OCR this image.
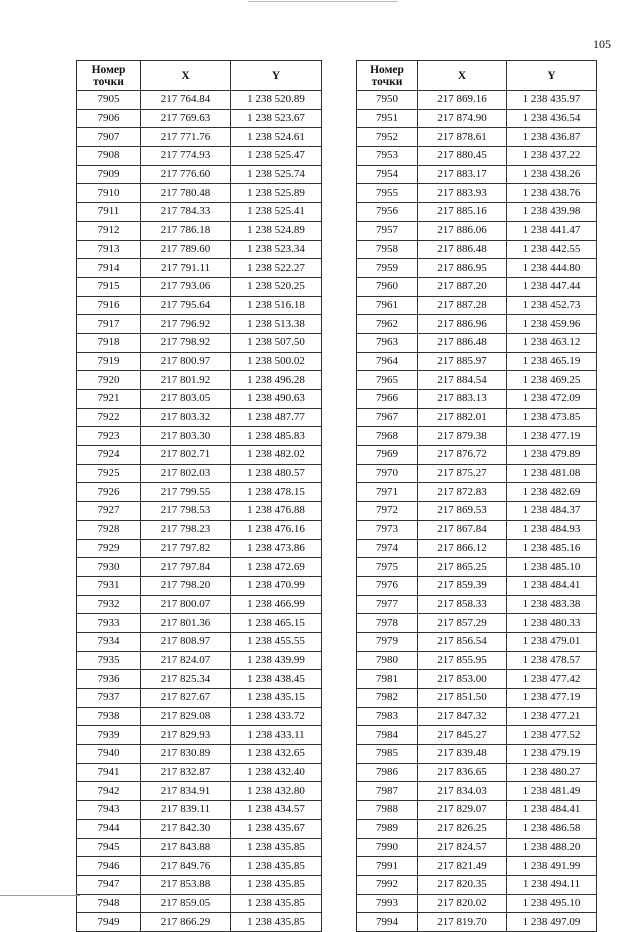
105
Номер
точки	X	Y
7905	217 764.84	1 238 520.89
7906	217 769.63	1 238 523.67
7907	217 771.76	1 238 524.61
7908	217 774.93	1 238 525.47
7909	217 776.60	1 238 525.74
7910	217 780.48	1 238 525.89
7911	217 784.33	1 238 525.41
7912	217 786.18	1 238 524.89
7913	217 789.60	1 238 523.34
7914	217 791.11	1 238 522.27
7915	217 793.06	1 238 520.25
7916	217 795.64	1 238 516.18
7917	217 796.92	1 238 513.38
7918	217 798.92	1 238 507.50
7919	217 800.97	1 238 500.02
7920	217 801.92	1 238 496.28
7921	217 803.05	1 238 490.63
7922	217 803.32	1 238 487.77
7923	217 803.30	1 238 485.83
7924	217 802.71	1 238 482.02
7925	217 802.03	1 238 480.57
7926	217 799.55	1 238 478.15
7927	217 798.53	1 238 476.88
7928	217 798.23	1 238 476.16
7929	217 797.82	1 238 473.86
7930	217 797.84	1 238 472.69
7931	217 798.20	1 238 470.99
7932	217 800.07	1 238 466.99
7933	217 801.36	1 238 465.15
7934	217 808.97	1 238 455.55
7935	217 824.07	1 238 439.99
7936	217 825.34	1 238 438.45
7937	217 827.67	1 238 435.15
7938	217 829.08	1 238 433.72
7939	217 829.93	1 238 433.11
7940	217 830.89	1 238 432.65
7941	217 832.87	1 238 432.40
7942	217 834.91	1 238 432.80
7943	217 839.11	1 238 434.57
7944	217 842.30	1 238 435.67
7945	217 843.88	1 238 435.85
7946	217 849.76	1 238 435.85
7947	217 853.88	1 238 435.85
7948	217 859.05	1 238 435.85
7949	217 866.29	1 238 435.85
Номер
точки	X	Y
7950	217 869.16	1 238 435.97
7951	217 874.90	1 238 436.54
7952	217 878.61	1 238 436.87
7953	217 880.45	1 238 437.22
7954	217 883.17	1 238 438.26
7955	217 883.93	1 238 438.76
7956	217 885.16	1 238 439.98
7957	217 886.06	1 238 441.47
7958	217 886.48	1 238 442.55
7959	217 886.95	1 238 444.80
7960	217 887.20	1 238 447.44
7961	217 887.28	1 238 452.73
7962	217 886.96	1 238 459.96
7963	217 886.48	1 238 463.12
7964	217 885.97	1 238 465.19
7965	217 884.54	1 238 469.25
7966	217 883.13	1 238 472.09
7967	217 882.01	1 238 473.85
7968	217 879.38	1 238 477.19
7969	217 876.72	1 238 479.89
7970	217 875.27	1 238 481.08
7971	217 872.83	1 238 482.69
7972	217 869.53	1 238 484.37
7973	217 867.84	1 238 484.93
7974	217 866.12	1 238 485.16
7975	217 865.25	1 238 485.10
7976	217 859.39	1 238 484.41
7977	217 858.33	1 238 483.38
7978	217 857.29	1 238 480.33
7979	217 856.54	1 238 479.01
7980	217 855.95	1 238 478.57
7981	217 853.00	1 238 477.42
7982	217 851.50	1 238 477.19
7983	217 847.32	1 238 477.21
7984	217 845.27	1 238 477.52
7985	217 839.48	1 238 479.19
7986	217 836.65	1 238 480.27
7987	217 834.03	1 238 481.49
7988	217 829.07	1 238 484.41
7989	217 826.25	1 238 486.58
7990	217 824.57	1 238 488.20
7991	217 821.49	1 238 491.99
7992	217 820.35	1 238 494.11
7993	217 820.02	1 238 495.10
7994	217 819.70	1 238 497.09
